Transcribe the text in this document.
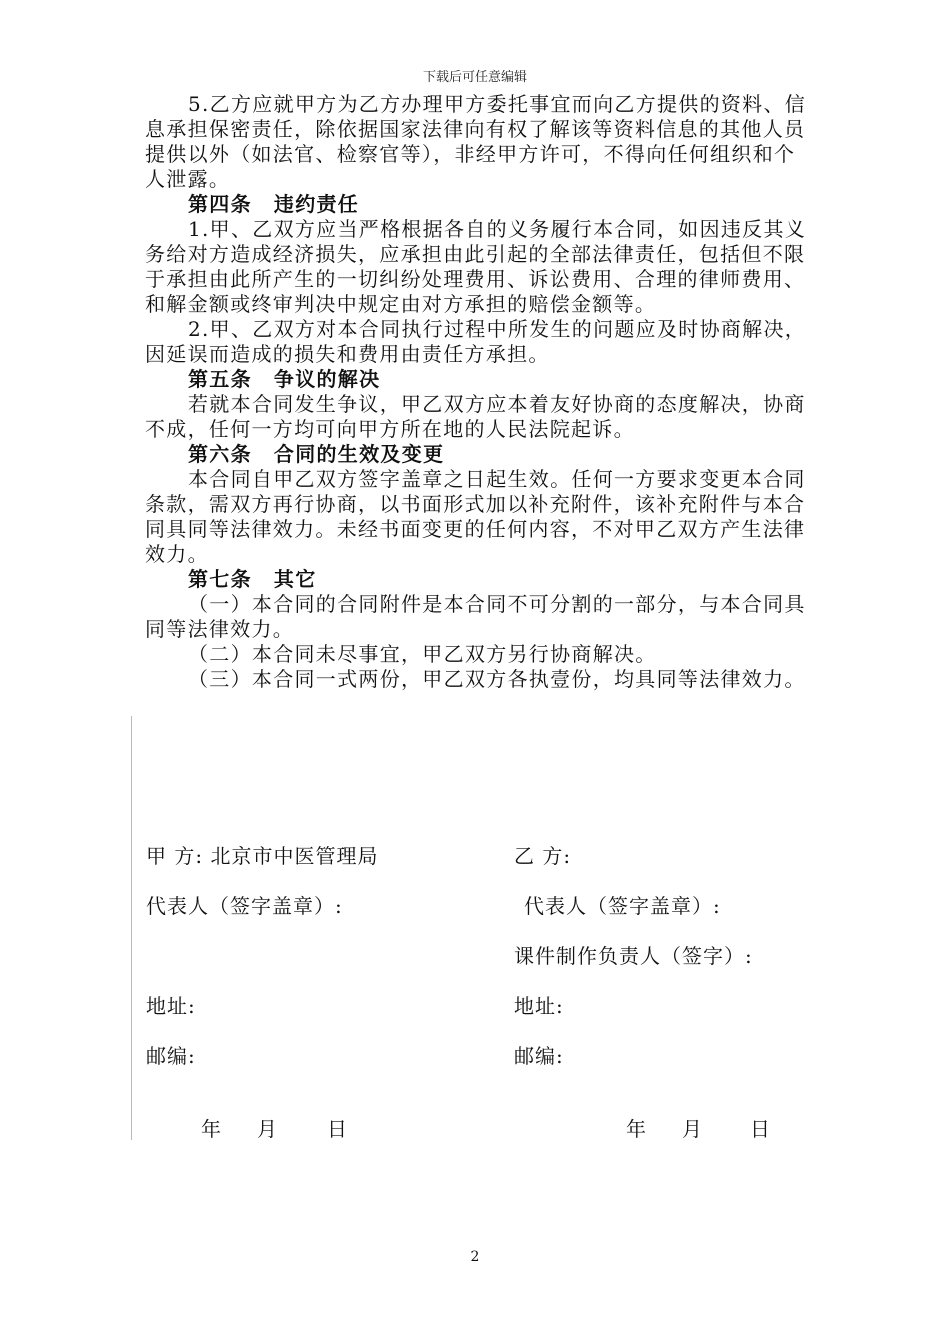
下载后可任意编辑

5.乙方应就甲方为乙方办理甲方委托事宜而向乙方提供的资料、信息承担保密责任，除依据国家法律向有权了解该等资料信息的其他人员提供以外（如法官、检察官等），非经甲方许可，不得向任何组织和个人泄露。

第四条 违约责任

1.甲、乙双方应当严格根据各自的义务履行本合同，如因违反其义务给对方造成经济损失，应承担由此引起的全部法律责任，包括但不限于承担由此所产生的一切纠纷处理费用、诉讼费用、合理的律师费用、和解金额或终审判决中规定由对方承担的赔偿金额等。

2.甲、乙双方对本合同执行过程中所发生的问题应及时协商解决，因延误而造成的损失和费用由责任方承担。

第五条 争议的解决

若就本合同发生争议，甲乙双方应本着友好协商的态度解决，协商不成，任何一方均可向甲方所在地的人民法院起诉。

第六条 合同的生效及变更

本合同自甲乙双方签字盖章之日起生效。任何一方要求变更本合同条款，需双方再行协商，以书面形式加以补充附件，该补充附件与本合同具同等法律效力。未经书面变更的任何内容，不对甲乙双方产生法律效力。

第七条 其它

（一）本合同的合同附件是本合同不可分割的一部分，与本合同具同等法律效力。

（二）本合同未尽事宜，甲乙双方另行协商解决。

（三）本合同一式两份，甲乙双方各执壹份，均具同等法律效力。

甲 方: 北京市中医管理局
代表人（签字盖章）:
地址:
邮编:
年 月 日
乙 方:
代表人（签字盖章）:
课件制作负责人（签字）:
地址:
邮编:
年 月 日
2
